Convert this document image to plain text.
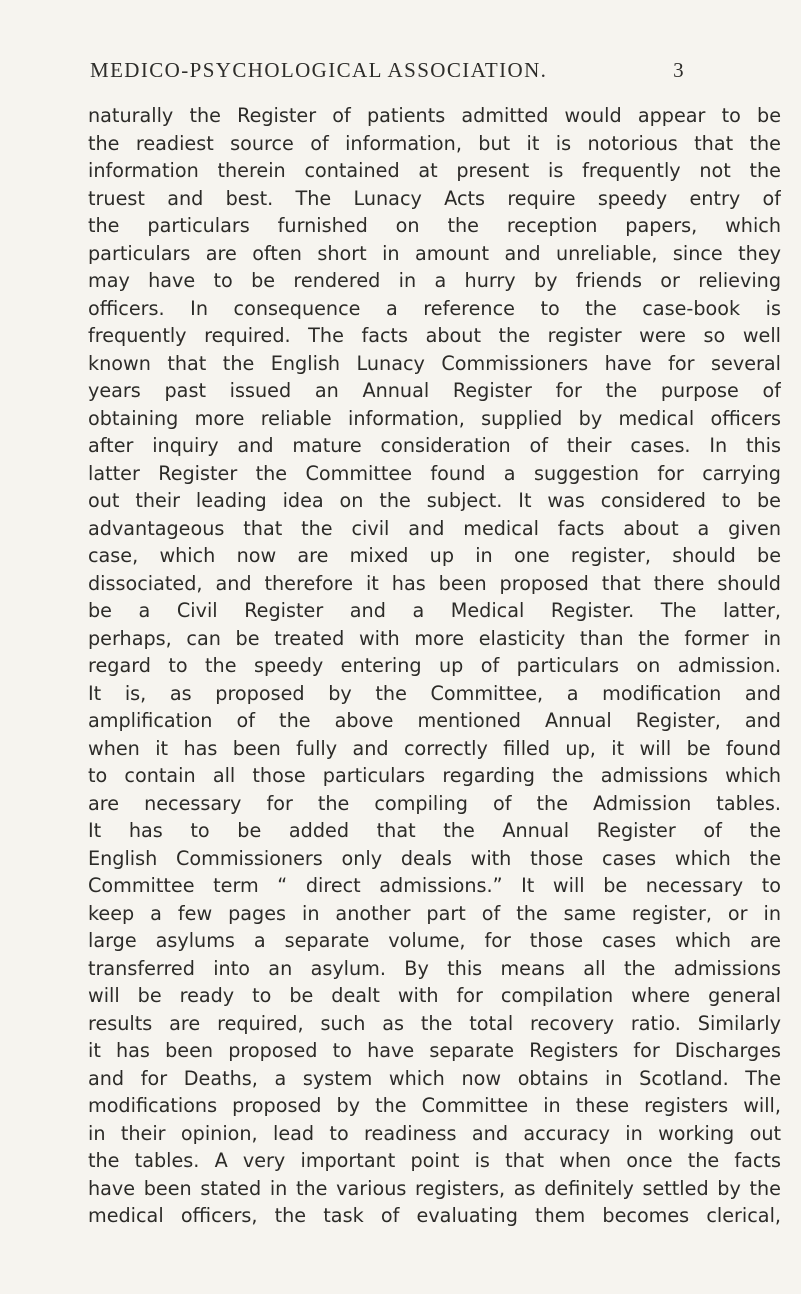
MEDICO-PSYCHOLOGICAL ASSOCIATION.	3
naturally the Register of patients admitted would appear to be
the readiest source of information, but it is notorious that the
information therein contained at present is frequently not the
truest and best. The Lunacy Acts require speedy entry of
the particulars furnished on the reception papers, which
particulars are often short in amount and unreliable, since they
may have to be rendered in a hurry by friends or relieving
officers. In consequence a reference to the case-book is
frequently required. The facts about the register were so well
known that the English Lunacy Commissioners have for several
years past issued an Annual Register for the purpose of
obtaining more reliable information, supplied by medical officers
after inquiry and mature consideration of their cases. In this
latter Register the Committee found a suggestion for carrying
out their leading idea on the subject. It was considered to be
advantageous that the civil and medical facts about a given
case, which now are mixed up in one register, should be
dissociated, and therefore it has been proposed that there should
be a Civil Register and a Medical Register. The latter,
perhaps, can be treated with more elasticity than the former in
regard to the speedy entering up of particulars on admission.
It is, as proposed by the Committee, a modification and
amplification of the above mentioned Annual Register, and
when it has been fully and correctly filled up, it will be found
to contain all those particulars regarding the admissions which
are necessary for the compiling of the Admission tables.
It has to be added that the Annual Register of the
English Commissioners only deals with those cases which the
Committee term “ direct admissions.” It will be necessary to
keep a few pages in another part of the same register, or in
large asylums a separate volume, for those cases which are
transferred into an asylum. By this means all the admissions
will be ready to be dealt with for compilation where general
results are required, such as the total recovery ratio. Similarly
it has been proposed to have separate Registers for Discharges
and for Deaths, a system which now obtains in Scotland. The
modifications proposed by the Committee in these registers will,
in their opinion, lead to readiness and accuracy in working out
the tables. A very important point is that when once the facts
have been stated in the various registers, as definitely settled by the
medical officers, the task of evaluating them becomes clerical,
